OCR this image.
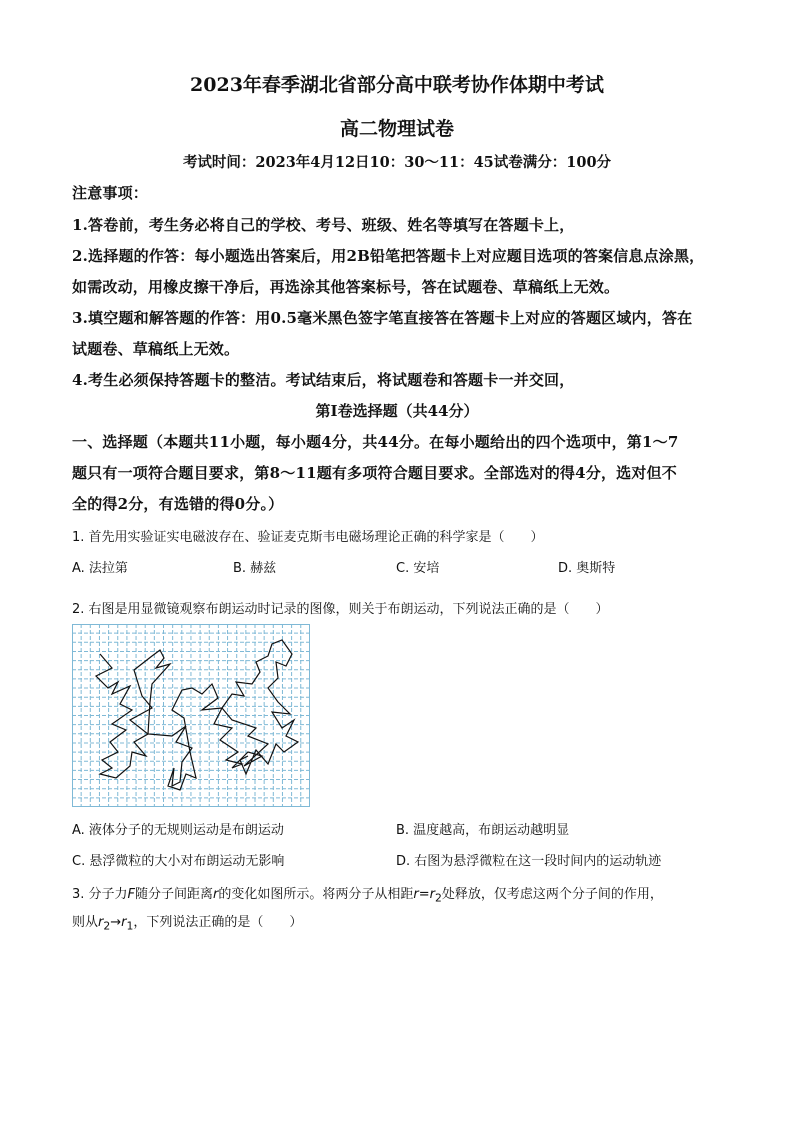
2023年春季湖北省部分高中联考协作体期中考试
高二物理试卷
考试时间：2023年4月12日10：30～11：45试卷满分：100分
注意事项：
1.答卷前，考生务必将自己的学校、考号、班级、姓名等填写在答题卡上，
2.选择题的作答：每小题选出答案后，用2B铅笔把答题卡上对应题目选项的答案信息点涂黑，
如需改动，用橡皮擦干净后，再选涂其他答案标号，答在试题卷、草稿纸上无效。
3.填空题和解答题的作答：用0.5毫米黑色签字笔直接答在答题卡上对应的答题区域内，答在
试题卷、草稿纸上无效。
4.考生必须保持答题卡的整洁。考试结束后，将试题卷和答题卡一并交回，
第I卷选择题（共44分）
一、选择题（本题共11小题，每小题4分，共44分。在每小题给出的四个选项中，第1～7
题只有一项符合题目要求，第8～11题有多项符合题目要求。全部选对的得4分，选对但不
全的得2分，有选错的得0分。）
1. 首先用实验证实电磁波存在、验证麦克斯韦电磁场理论正确的科学家是（　　）
A. 法拉第	B. 赫兹	C. 安培	D. 奥斯特
2. 右图是用显微镜观察布朗运动时记录的图像，则关于布朗运动，下列说法正确的是（　　）
A. 液体分子的无规则运动是布朗运动	B. 温度越高，布朗运动越明显
C. 悬浮微粒的大小对布朗运动无影响	D. 右图为悬浮微粒在这一段时间内的运动轨迹
3. 分子力F随分子间距离r的变化如图所示。将两分子从相距$r=r_2$处释放，仅考虑这两个分子间的作用，
则从$r_2\to r_1$，下列说法正确的是（　　）
